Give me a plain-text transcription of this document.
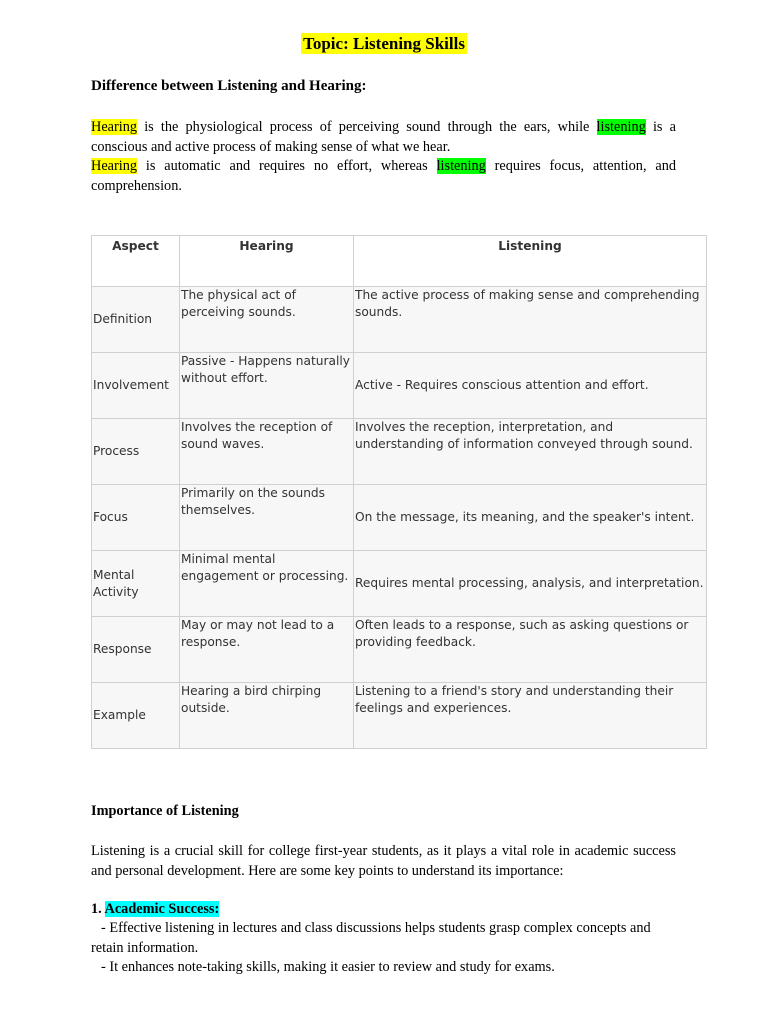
Topic: Listening Skills
Difference between Listening and Hearing:
Hearing is the physiological process of perceiving sound through the ears, while listening is a conscious and active process of making sense of what we hear.
Hearing is automatic and requires no effort, whereas listening requires focus, attention, and comprehension.
Aspect	Hearing	Listening
Definition	The physical act of perceiving sounds.	The active process of making sense and comprehending sounds.
Involvement	Passive - Happens naturally without effort.	Active - Requires conscious attention and effort.
Process	Involves the reception of sound waves.	Involves the reception, interpretation, and understanding of information conveyed through sound.
Focus	Primarily on the sounds themselves.	On the message, its meaning, and the speaker's intent.
Mental Activity	Minimal mental engagement or processing.	Requires mental processing, analysis, and interpretation.
Response	May or may not lead to a response.	Often leads to a response, such as asking questions or providing feedback.
Example	Hearing a bird chirping outside.	Listening to a friend's story and understanding their feelings and experiences.
Importance of Listening
Listening is a crucial skill for college first-year students, as it plays a vital role in academic success and personal development. Here are some key points to understand its importance:
1. Academic Success:
- Effective listening in lectures and class discussions helps students grasp complex concepts and retain information.
- It enhances note-taking skills, making it easier to review and study for exams.
